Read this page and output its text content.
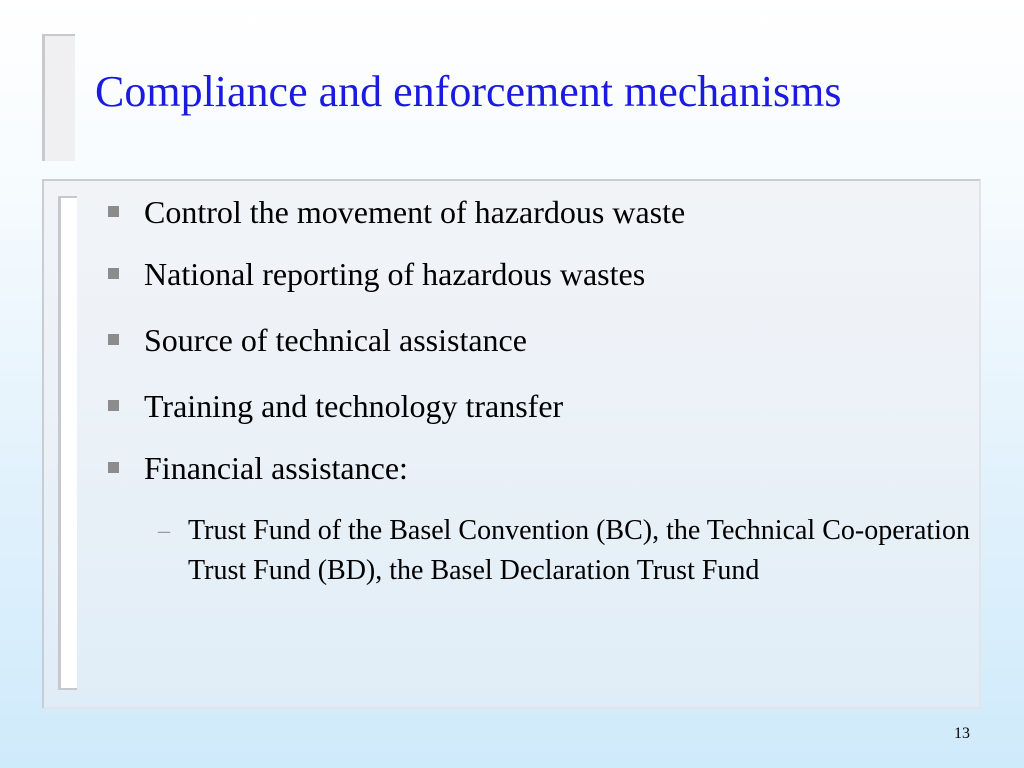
Compliance and enforcement mechanisms
Control the movement of hazardous waste
National reporting of hazardous wastes
Source of technical assistance
Training and technology transfer
Financial assistance:
– Trust Fund of the Basel Convention (BC), the Technical Co-operation Trust Fund (BD), the Basel Declaration Trust Fund
13
